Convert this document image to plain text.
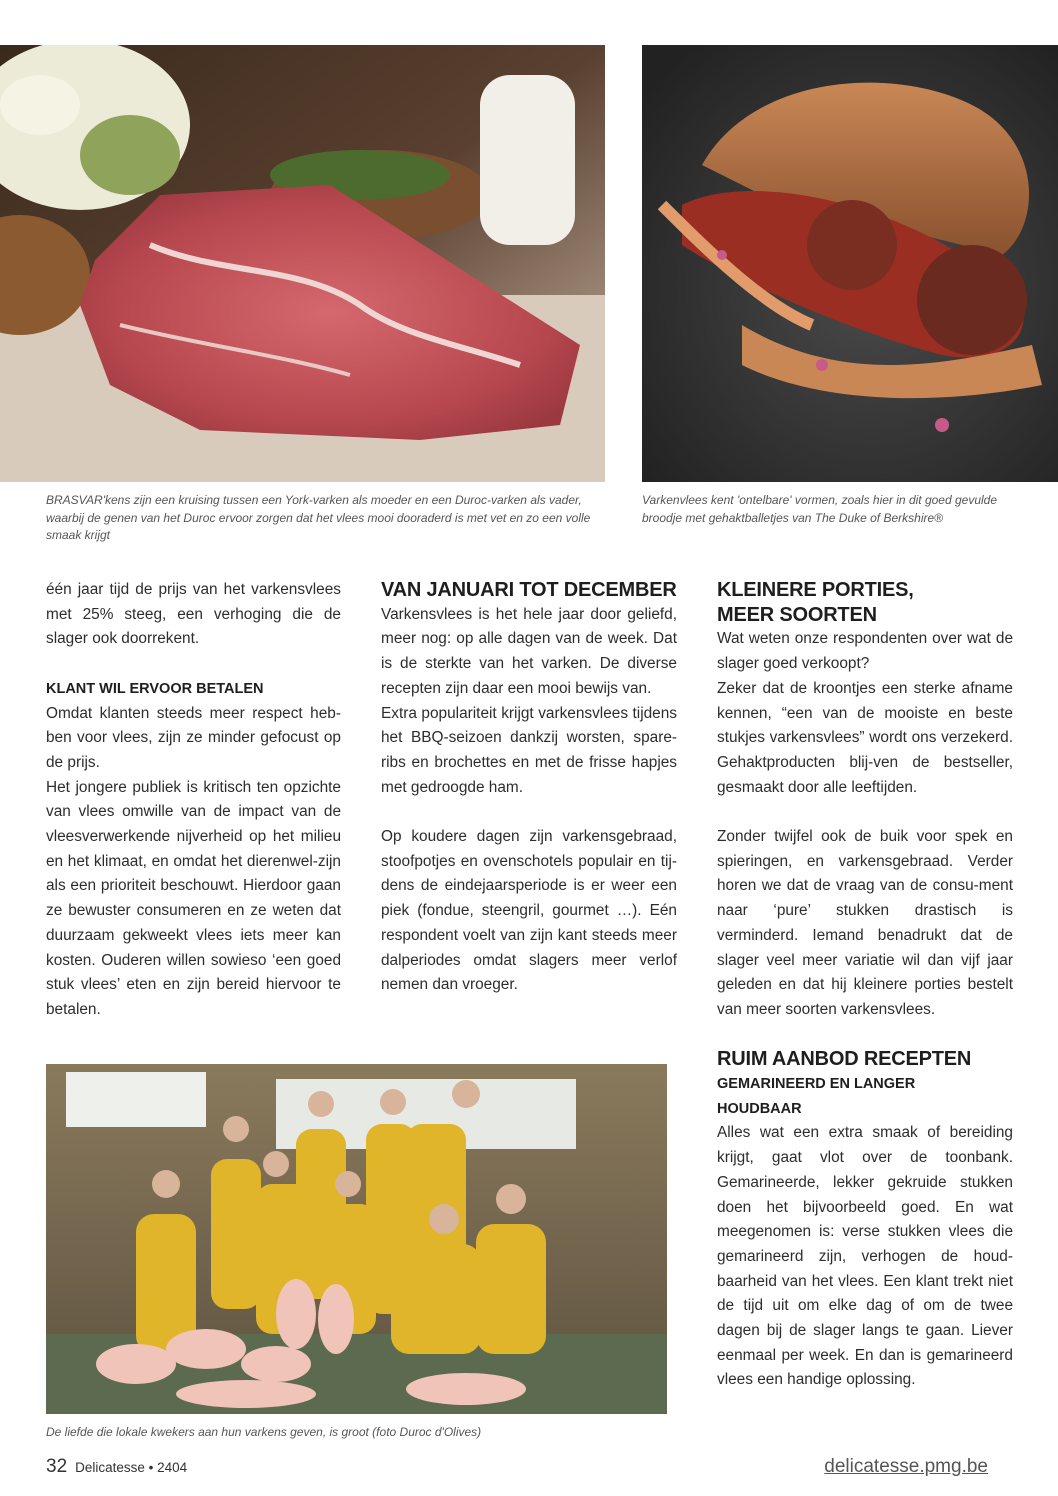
BRASVAR'kens zijn een kruising tussen een York-varken als moeder en een Duroc-varken als vader, waarbij de genen van het Duroc ervoor zorgen dat het vlees mooi dooraderd is met vet en zo een volle smaak krijgt
Varkenvlees kent 'ontelbare' vormen, zoals hier in dit goed gevulde broodje met gehaktballetjes van The Duke of Berkshire®

één jaar tijd de prijs van het varkensvlees met 25% steeg, een verhoging die de slager ook doorrekent.

KLANT WIL ERVOOR BETALEN

Omdat klanten steeds meer respect heb-ben voor vlees, zijn ze minder gefocust op de prijs.

Het jongere publiek is kritisch ten opzichte van vlees omwille van de impact van de vleesverwerkende nijverheid op het milieu en het klimaat, en omdat het dierenwel-zijn als een prioriteit beschouwt. Hierdoor gaan ze bewuster consumeren en ze weten dat duurzaam gekweekt vlees iets meer kan kosten. Ouderen willen sowieso ‘een goed stuk vlees’ eten en zijn bereid hiervoor te betalen.

VAN JANUARI TOT DECEMBER

Varkensvlees is het hele jaar door geliefd, meer nog: op alle dagen van de week. Dat is de sterkte van het varken. De diverse recepten zijn daar een mooi bewijs van.

Extra populariteit krijgt varkensvlees tijdens het BBQ-seizoen dankzij worsten, spare-ribs en brochettes en met de frisse hapjes met gedroogde ham.

Op koudere dagen zijn varkensgebraad, stoofpotjes en ovenschotels populair en tij-dens de eindejaarsperiode is er weer een piek (fondue, steengril, gourmet …). Eén respondent voelt van zijn kant steeds meer dalperiodes omdat slagers meer verlof nemen dan vroeger.

KLEINERE PORTIES,

MEER SOORTEN

Wat weten onze respondenten over wat de slager goed verkoopt?

Zeker dat de kroontjes een sterke afname kennen, “een van de mooiste en beste stukjes varkensvlees” wordt ons verzekerd. Gehaktproducten blij-ven de bestseller, gesmaakt door alle leeftijden.

Zonder twijfel ook de buik voor spek en spieringen, en varkensgebraad. Verder horen we dat de vraag van de consu-ment naar ‘pure’ stukken drastisch is verminderd. Iemand benadrukt dat de slager veel meer variatie wil dan vijf jaar geleden en dat hij kleinere porties bestelt van meer soorten varkensvlees.

RUIM AANBOD RECEPTEN

GEMARINEERD EN LANGER

HOUDBAAR

Alles wat een extra smaak of bereiding krijgt, gaat vlot over de toonbank. Gemarineerde, lekker gekruide stukken doen het bijvoorbeeld goed. En wat meegenomen is: verse stukken vlees die gemarineerd zijn, verhogen de houd-baarheid van het vlees. Een klant trekt niet de tijd uit om elke dag of om de twee dagen bij de slager langs te gaan. Liever eenmaal per week. En dan is gemarineerd vlees een handige oplossing.

De liefde die lokale kwekers aan hun varkens geven, is groot (foto Duroc d'Olives)
32 Delicatesse • 2404	delicatesse.pmg.be
